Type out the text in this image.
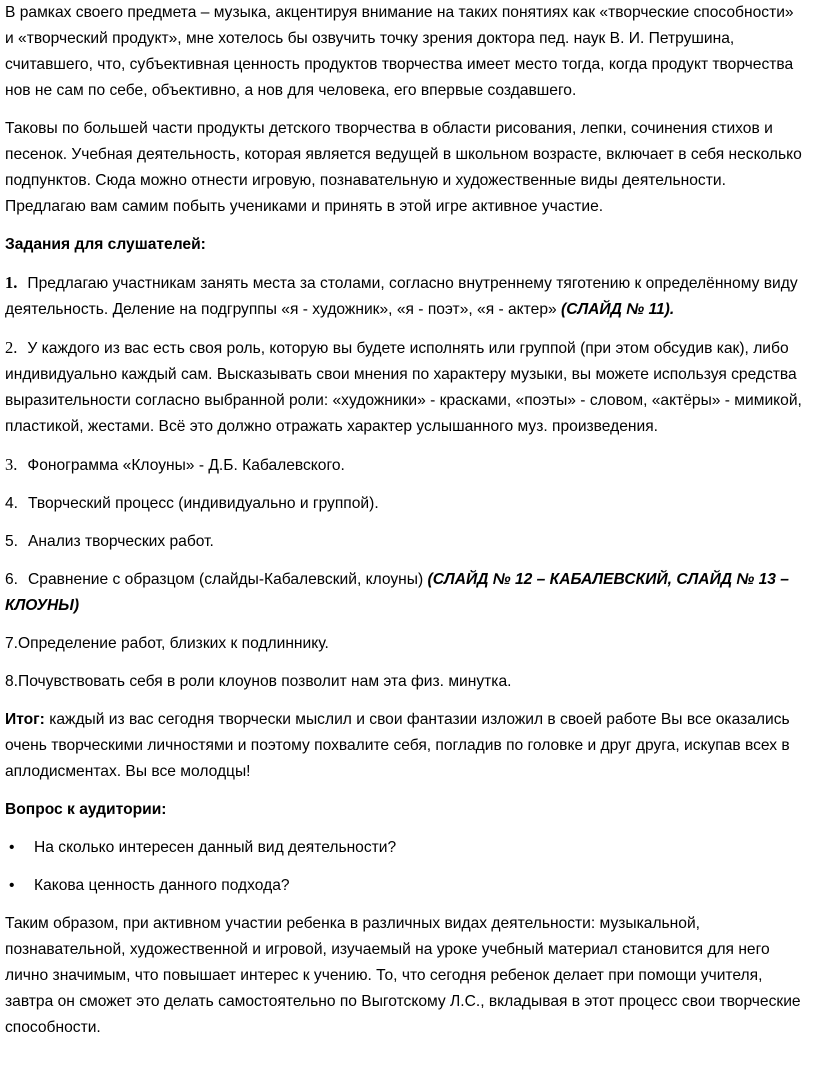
В рамках своего предмета – музыка, акцентируя внимание на таких понятиях как «творческие способности» и «творческий продукт», мне хотелось бы озвучить точку зрения доктора пед. наук В. И. Петрушина, считавшего, что, субъективная ценность продуктов творчества имеет место тогда, когда продукт творчества нов не сам по себе, объективно, а нов для человека, его впервые создавшего.

Таковы по большей части продукты детского творчества в области рисования, лепки, сочинения стихов и песенок. Учебная деятельность, которая является ведущей в школьном возрасте, включает в себя несколько подпунктов. Сюда можно отнести игровую, познавательную и художественные виды деятельности. Предлагаю вам самим побыть учениками и принять в этой игре активное участие.

Задания для слушателей:

1. Предлагаю участникам занять места за столами, согласно внутреннему тяготению к определённому виду деятельность. Деление на подгруппы «я - художник», «я - поэт», «я - актер» (СЛАЙД № 11).

2. У каждого из вас есть своя роль, которую вы будете исполнять или группой (при этом обсудив как), либо индивидуально каждый сам. Высказывать свои мнения по характеру музыки, вы можете используя средства выразительности согласно выбранной роли: «художники» - красками, «поэты» - словом, «актёры» - мимикой, пластикой, жестами. Всё это должно отражать характер услышанного муз. произведения.

3. Фонограмма «Клоуны» - Д.Б. Кабалевского.

4. Творческий процесс (индивидуально и группой).

5. Анализ творческих работ.

6. Сравнение с образцом (слайды-Кабалевский, клоуны) (СЛАЙД № 12 – КАБАЛЕВСКИЙ, СЛАЙД № 13 – КЛОУНЫ)

7.Определение работ, близких к подлиннику.

8.Почувствовать себя в роли клоунов позволит нам эта физ. минутка.

Итог: каждый из вас сегодня творчески мыслил и свои фантазии изложил в своей работе Вы все оказались очень творческими личностями и поэтому похвалите себя, погладив по головке и друг друга, искупав всех в аплодисментах. Вы все молодцы!

Вопрос к аудитории:

•	На сколько интересен данный вид деятельности?
•	Какова ценность данного подхода?

Таким образом, при активном участии ребенка в различных видах деятельности: музыкальной, познавательной, художественной и игровой, изучаемый на уроке учебный материал становится для него лично значимым, что повышает интерес к учению. То, что сегодня ребенок делает при помощи учителя, завтра он сможет это делать самостоятельно по Выготскому Л.С., вкладывая в этот процесс свои творческие способности.
